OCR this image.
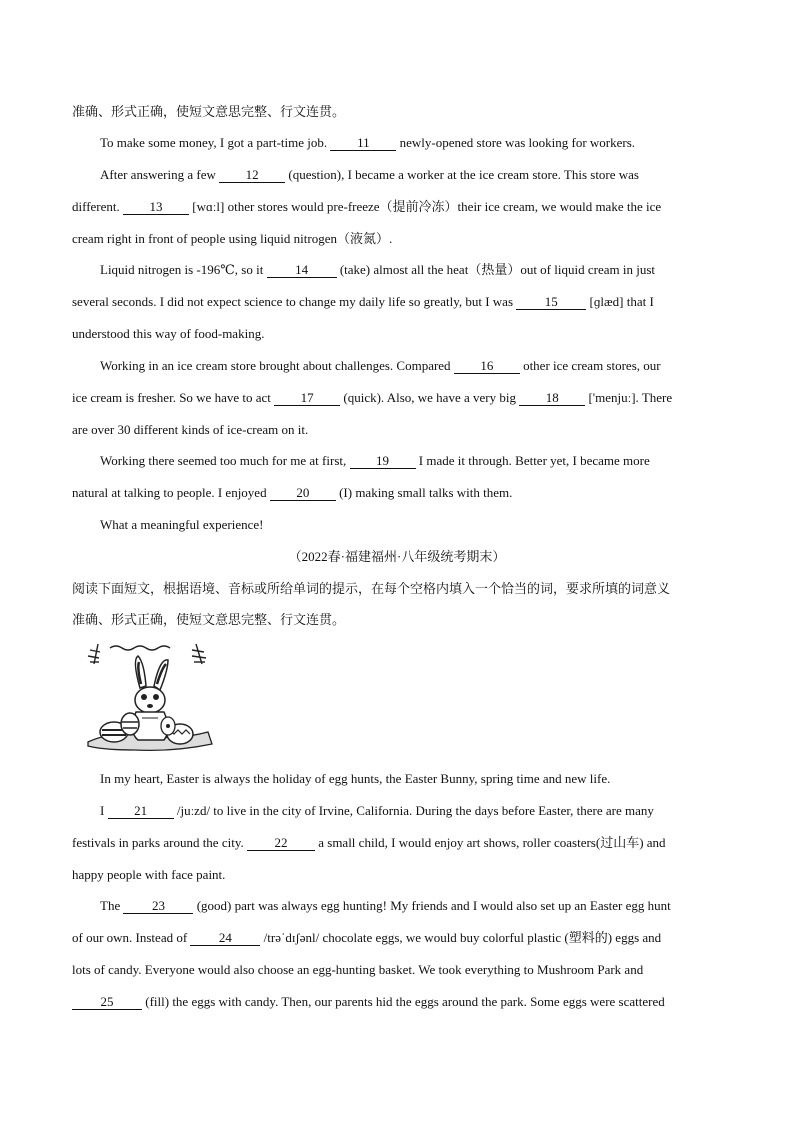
准确、形式正确，使短文意思完整、行文连贯。
To make some money, I got a part-time job. 11 newly-opened store was looking for workers.
After answering a few 12 (question), I became a worker at the ice cream store. This store was
different. 13 [wɑːl] other stores would pre-freeze（提前冷冻）their ice cream, we would make the ice
cream right in front of people using liquid nitrogen（液氮）.
Liquid nitrogen is -196℃, so it 14 (take) almost all the heat（热量）out of liquid cream in just
several seconds. I did not expect science to change my daily life so greatly, but I was 15 [ɡlæd] that I
understood this way of food-making.
Working in an ice cream store brought about challenges. Compared 16 other ice cream stores, our
ice cream is fresher. So we have to act 17 (quick). Also, we have a very big 18 ['menjuː]. There
are over 30 different kinds of ice-cream on it.
Working there seemed too much for me at first, 19 I made it through. Better yet, I became more
natural at talking to people. I enjoyed 20 (I) making small talks with them.
What a meaningful experience!
（2022春·福建福州·八年级统考期末）
阅读下面短文，根据语境、音标或所给单词的提示，在每个空格内填入一个恰当的词，要求所填的词意义
准确、形式正确，使短文意思完整、行文连贯。
In my heart, Easter is always the holiday of egg hunts, the Easter Bunny, spring time and new life.
I 21 /juːzd/ to live in the city of Irvine, California. During the days before Easter, there are many
festivals in parks around the city. 22 a small child, I would enjoy art shows, roller coasters(过山车) and
happy people with face paint.
The 23 (good) part was always egg hunting! My friends and I would also set up an Easter egg hunt
of our own. Instead of 24 /trəˈdɪʃənl/ chocolate eggs, we would buy colorful plastic (塑料的) eggs and
lots of candy. Everyone would also choose an egg-hunting basket. We took everything to Mushroom Park and
25 (fill) the eggs with candy. Then, our parents hid the eggs around the park. Some eggs were scattered
